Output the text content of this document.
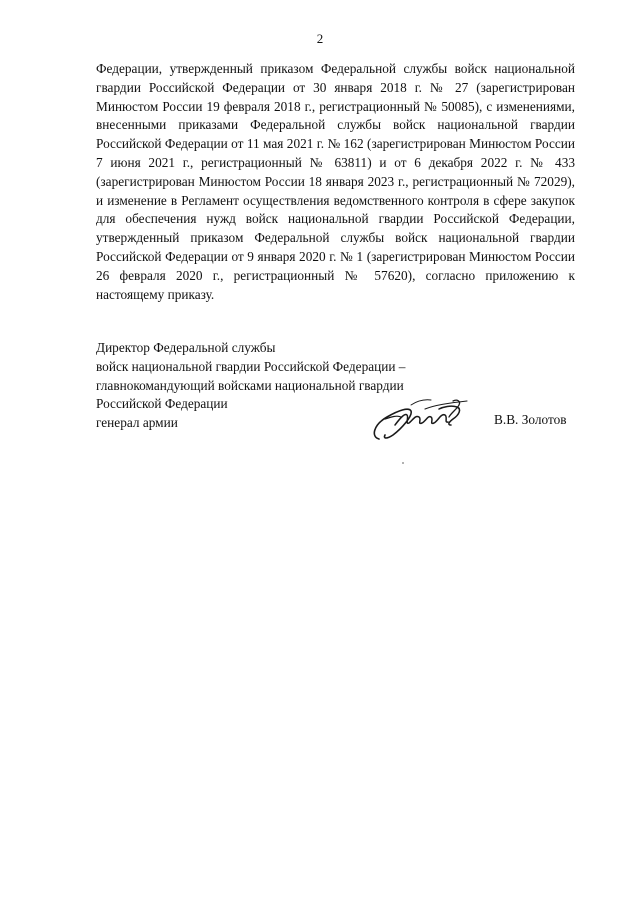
2

Федерации, утвержденный приказом Федеральной службы войск национальной гвардии Российской Федерации от 30 января 2018 г. № 27 (зарегистрирован Минюстом России 19 февраля 2018 г., регистрационный № 50085), с изменениями, внесенными приказами Федеральной службы войск национальной гвардии Российской Федерации от 11 мая 2021 г. № 162 (зарегистрирован Минюстом России 7 июня 2021 г., регистрационный № 63811) и от 6 декабря 2022 г. № 433 (зарегистрирован Минюстом России 18 января 2023 г., регистрационный № 72029), и изменение в Регламент осуществления ведомственного контроля в сфере закупок для обеспечения нужд войск национальной гвардии Российской Федерации, утвержденный приказом Федеральной службы войск национальной гвардии Российской Федерации от 9 января 2020 г. № 1 (зарегистрирован Минюстом России 26 февраля 2020 г., регистрационный № 57620), согласно приложению к настоящему приказу.

Директор Федеральной службы
войск национальной гвардии Российской Федерации –
главнокомандующий войсками национальной гвардии
Российской Федерации
генерал армии	В.В. Золотов
